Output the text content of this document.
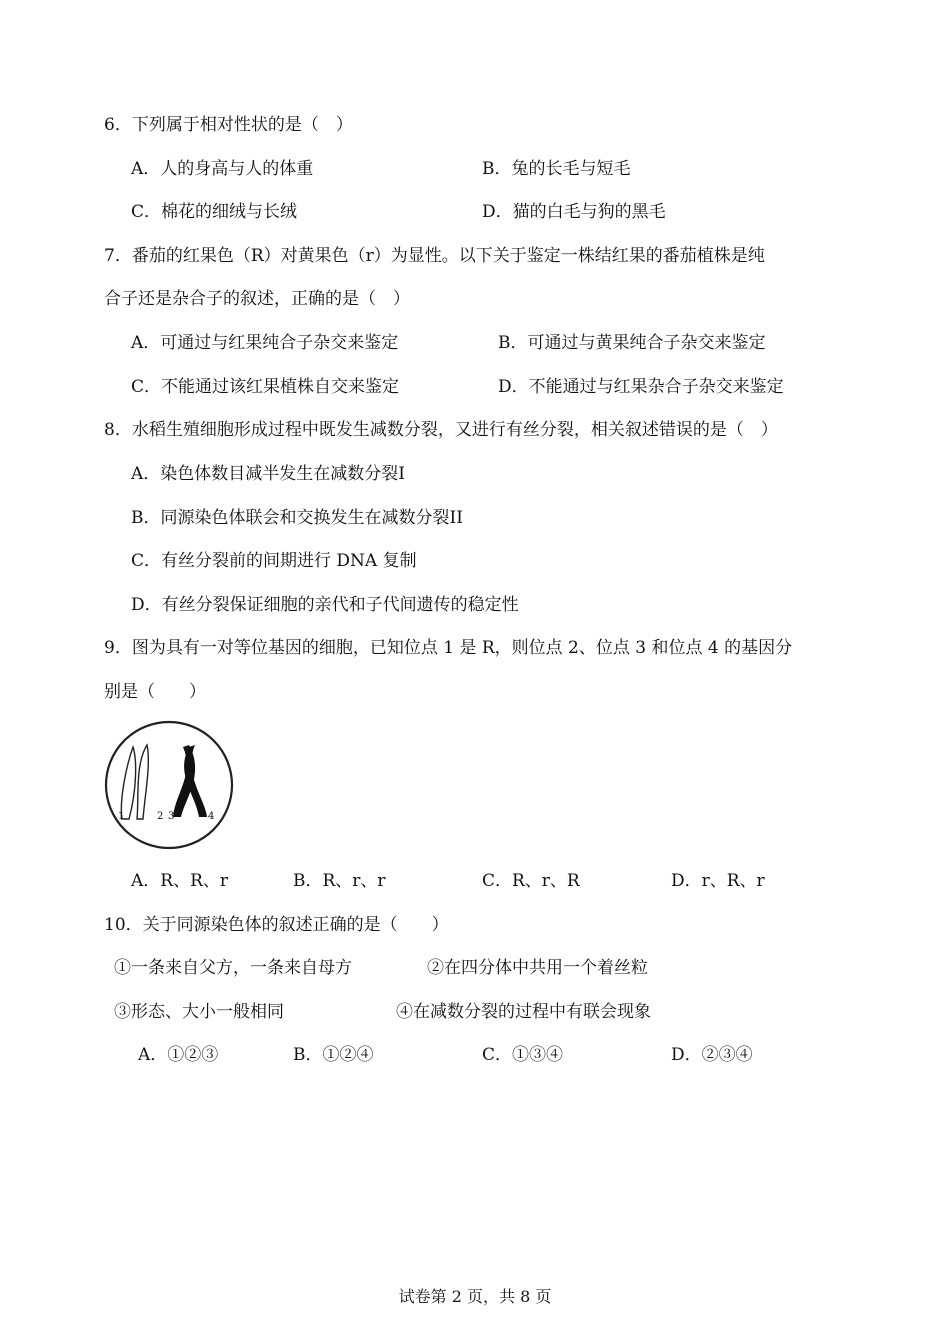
6．下列属于相对性状的是（　）
A．人的身高与人的体重	B．兔的长毛与短毛
C．棉花的细绒与长绒	D．猫的白毛与狗的黑毛
7．番茄的红果色（R）对黄果色（r）为显性。以下关于鉴定一株结红果的番茄植株是纯
合子还是杂合子的叙述，正确的是（　）
A．可通过与红果纯合子杂交来鉴定	B．可通过与黄果纯合子杂交来鉴定
C．不能通过该红果植株自交来鉴定	D．不能通过与红果杂合子杂交来鉴定
8．水稻生殖细胞形成过程中既发生减数分裂，又进行有丝分裂，相关叙述错误的是（　）
A．染色体数目减半发生在减数分裂I
B．同源染色体联会和交换发生在减数分裂II
C．有丝分裂前的间期进行 DNA 复制
D．有丝分裂保证细胞的亲代和子代间遗传的稳定性
9．图为具有一对等位基因的细胞，已知位点 1 是 R，则位点 2、位点 3 和位点 4 的基因分
别是（　　）
1	2 3	4
A．R、R、r	B．R、r、r	C．R、r、R	D．r、R、r
10．关于同源染色体的叙述正确的是（　　）
①一条来自父方，一条来自母方	②在四分体中共用一个着丝粒
③形态、大小一般相同	④在减数分裂的过程中有联会现象
A．①②③	B．①②④	C．①③④	D．②③④
试卷第 2 页，共 8 页
